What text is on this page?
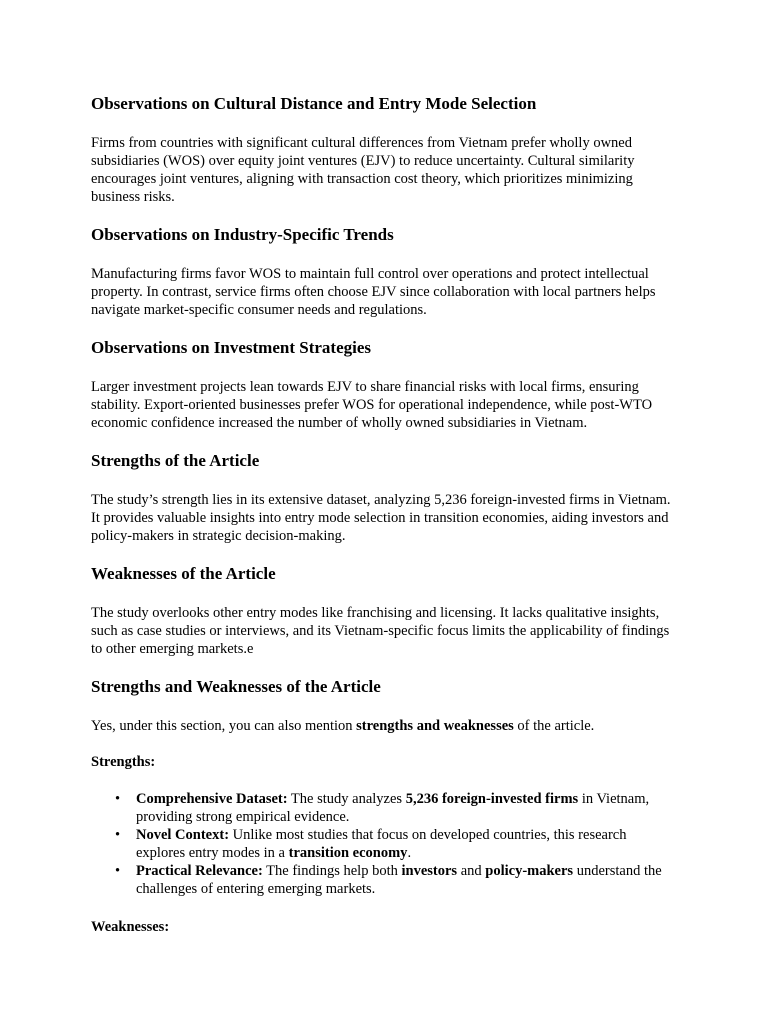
Observations on Cultural Distance and Entry Mode Selection

Firms from countries with significant cultural differences from Vietnam prefer wholly owned subsidiaries (WOS) over equity joint ventures (EJV) to reduce uncertainty. Cultural similarity encourages joint ventures, aligning with transaction cost theory, which prioritizes minimizing business risks.

Observations on Industry-Specific Trends

Manufacturing firms favor WOS to maintain full control over operations and protect intellectual property. In contrast, service firms often choose EJV since collaboration with local partners helps navigate market-specific consumer needs and regulations.

Observations on Investment Strategies

Larger investment projects lean towards EJV to share financial risks with local firms, ensuring stability. Export-oriented businesses prefer WOS for operational independence, while post-WTO economic confidence increased the number of wholly owned subsidiaries in Vietnam.

Strengths of the Article

The study’s strength lies in its extensive dataset, analyzing 5,236 foreign-invested firms in Vietnam. It provides valuable insights into entry mode selection in transition economies, aiding investors and policy-makers in strategic decision-making.

Weaknesses of the Article

The study overlooks other entry modes like franchising and licensing. It lacks qualitative insights, such as case studies or interviews, and its Vietnam-specific focus limits the applicability of findings to other emerging markets.e

Strengths and Weaknesses of the Article

Yes, under this section, you can also mention strengths and weaknesses of the article.

Strengths:

• Comprehensive Dataset: The study analyzes 5,236 foreign-invested firms in Vietnam, providing strong empirical evidence.
• Novel Context: Unlike most studies that focus on developed countries, this research explores entry modes in a transition economy.
• Practical Relevance: The findings help both investors and policy-makers understand the challenges of entering emerging markets.

Weaknesses:
